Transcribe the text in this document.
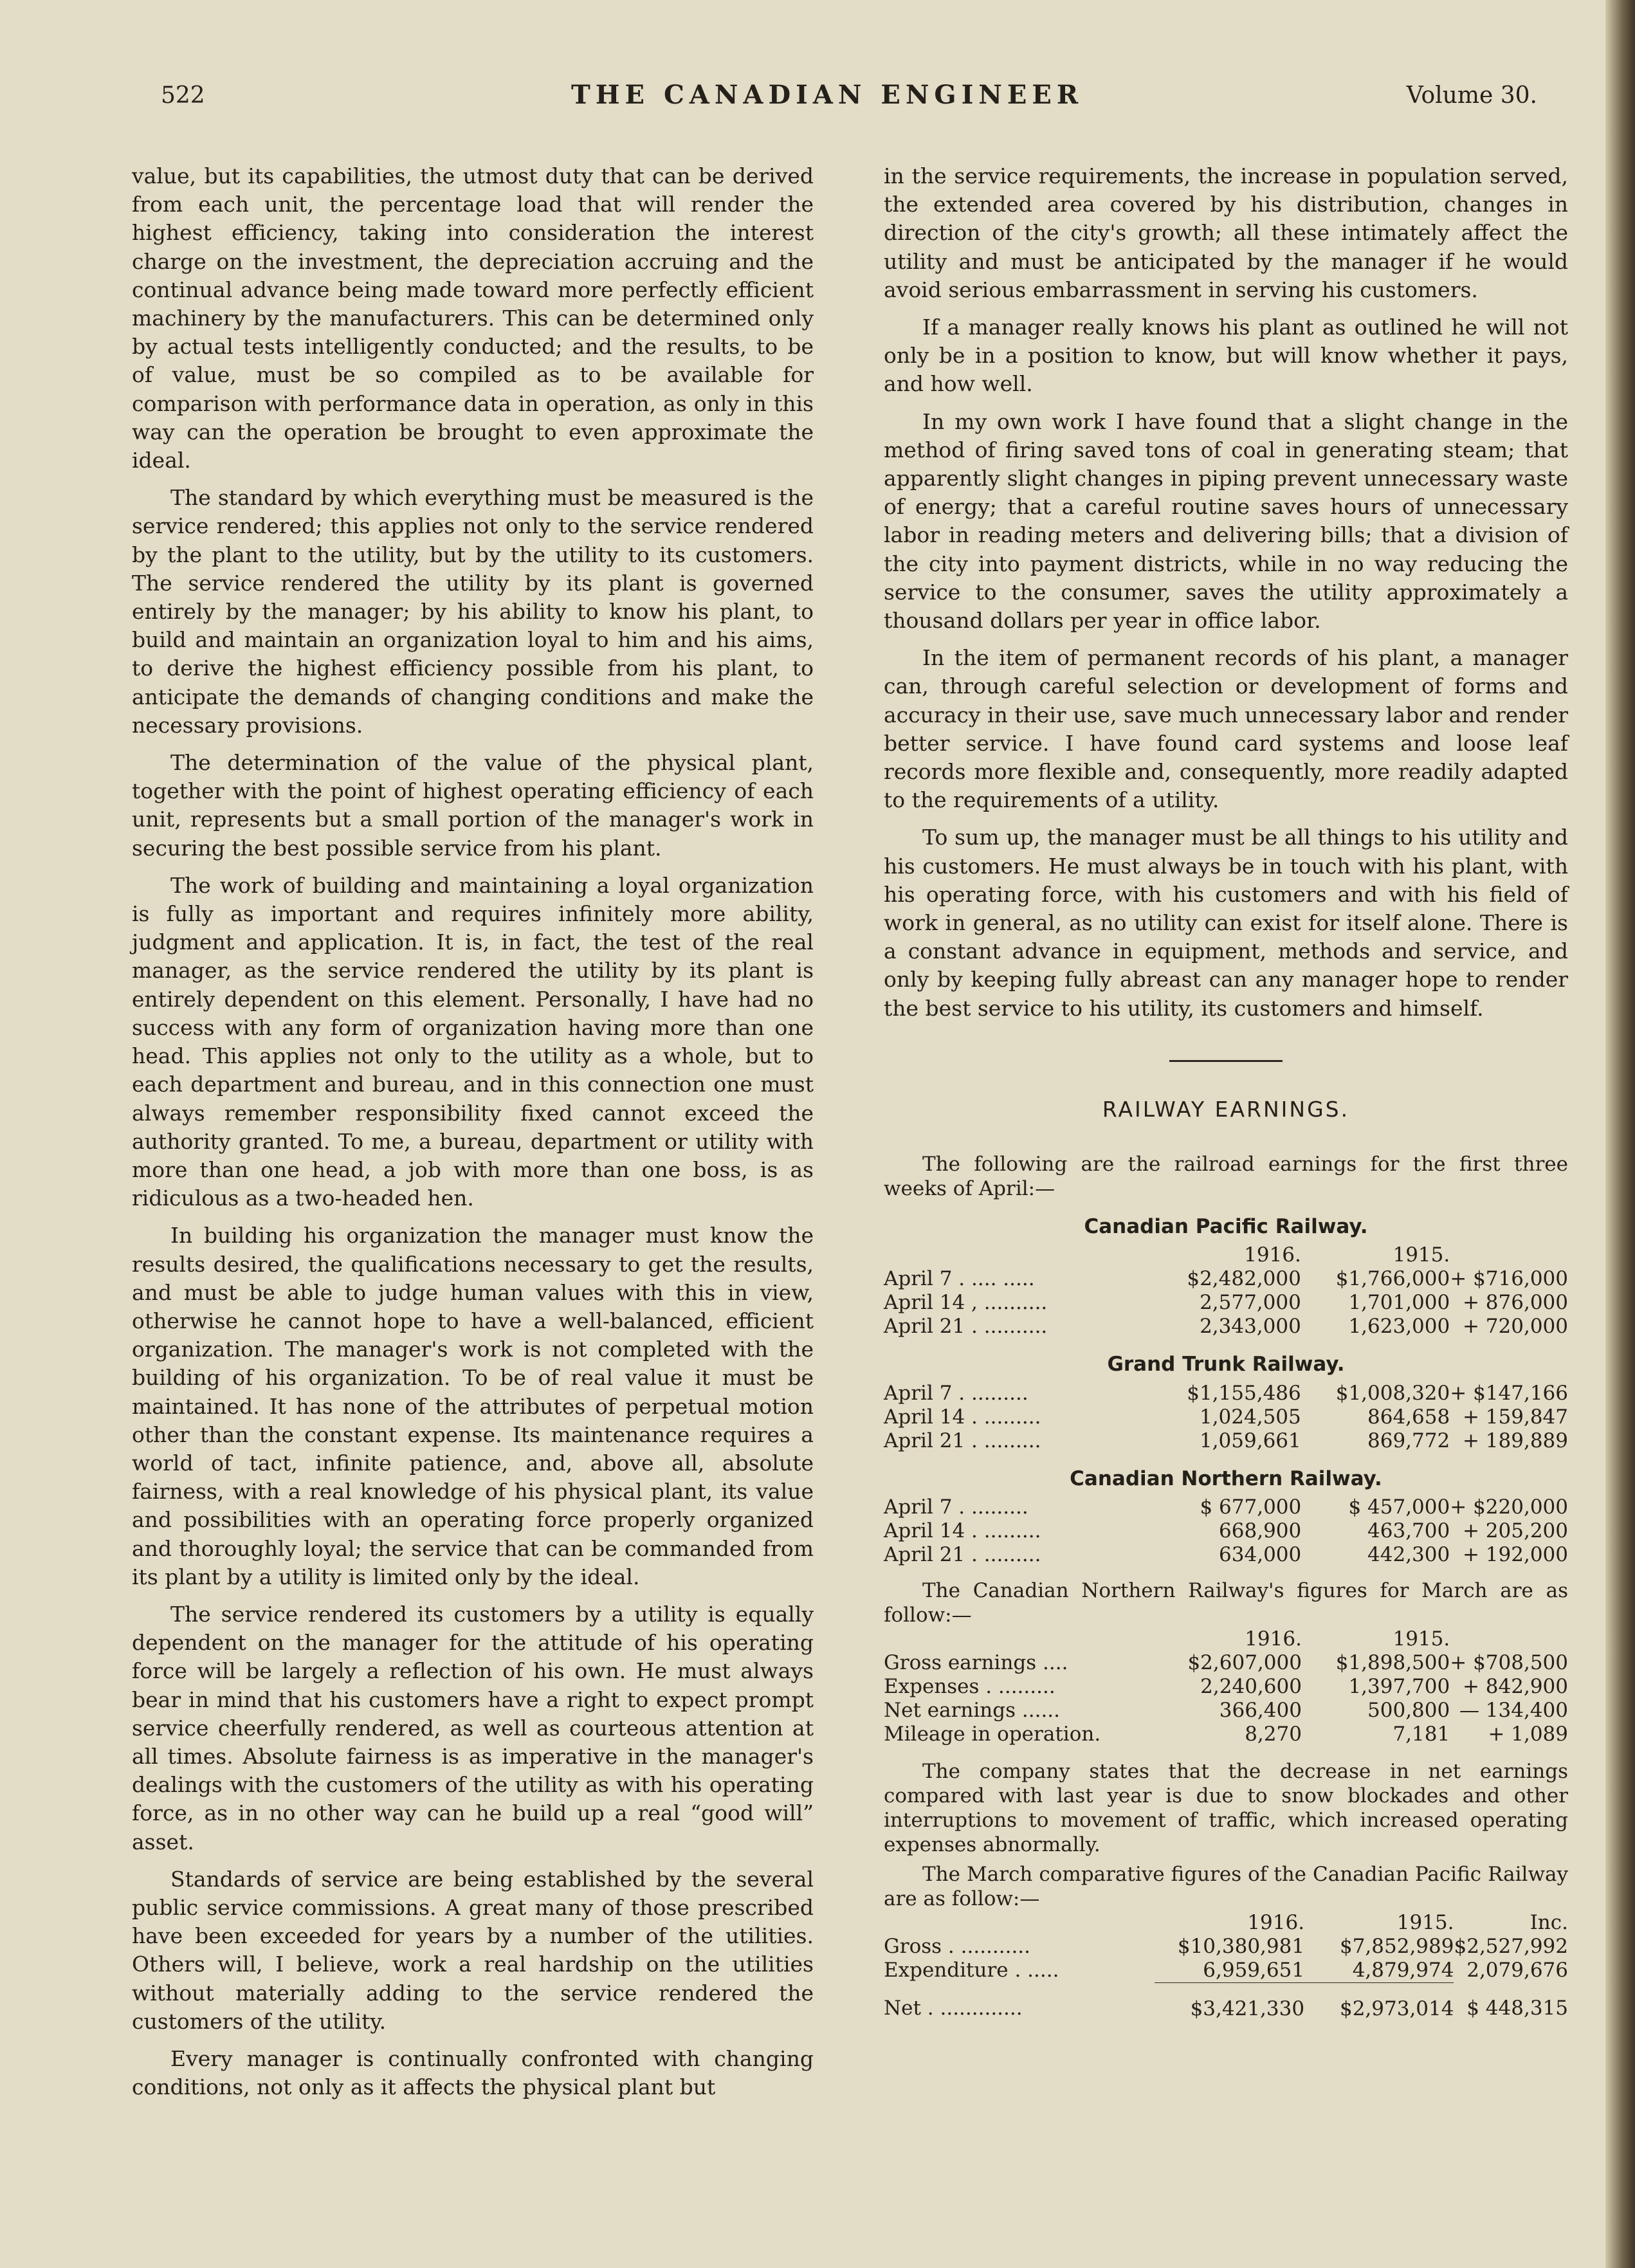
522	THE CANADIAN ENGINEER	Volume 30.

value, but its capabilities, the utmost duty that can be derived from each unit, the percentage load that will render the highest efficiency, taking into consideration the interest charge on the investment, the depreciation accruing and the continual advance being made toward more perfectly efficient machinery by the manufacturers. This can be determined only by actual tests intelligently conducted; and the results, to be of value, must be so compiled as to be available for comparison with performance data in operation, as only in this way can the operation be brought to even approximate the ideal.

The standard by which everything must be measured is the service rendered; this applies not only to the service rendered by the plant to the utility, but by the utility to its customers. The service rendered the utility by its plant is governed entirely by the manager; by his ability to know his plant, to build and maintain an organization loyal to him and his aims, to derive the highest efficiency possible from his plant, to anticipate the demands of changing conditions and make the necessary provisions.

The determination of the value of the physical plant, together with the point of highest operating efficiency of each unit, represents but a small portion of the manager's work in securing the best possible service from his plant.

The work of building and maintaining a loyal organization is fully as important and requires infinitely more ability, judgment and application. It is, in fact, the test of the real manager, as the service rendered the utility by its plant is entirely dependent on this element. Personally, I have had no success with any form of organization having more than one head. This applies not only to the utility as a whole, but to each department and bureau, and in this connection one must always remember responsibility fixed cannot exceed the authority granted. To me, a bureau, department or utility with more than one head, a job with more than one boss, is as ridiculous as a two-headed hen.

In building his organization the manager must know the results desired, the qualifications necessary to get the results, and must be able to judge human values with this in view, otherwise he cannot hope to have a well-balanced, efficient organization. The manager's work is not completed with the building of his organization. To be of real value it must be maintained. It has none of the attributes of perpetual motion other than the constant expense. Its maintenance requires a world of tact, infinite patience, and, above all, absolute fairness, with a real knowledge of his physical plant, its value and possibilities with an operating force properly organized and thoroughly loyal; the service that can be commanded from its plant by a utility is limited only by the ideal.

The service rendered its customers by a utility is equally dependent on the manager for the attitude of his operating force will be largely a reflection of his own. He must always bear in mind that his customers have a right to expect prompt service cheerfully rendered, as well as courteous attention at all times. Absolute fairness is as imperative in the manager's dealings with the customers of the utility as with his operating force, as in no other way can he build up a real “good will” asset.

Standards of service are being established by the several public service commissions. A great many of those prescribed have been exceeded for years by a number of the utilities. Others will, I believe, work a real hardship on the utilities without materially adding to the service rendered the customers of the utility.

Every manager is continually confronted with changing conditions, not only as it affects the physical plant but

in the service requirements, the increase in population served, the extended area covered by his distribution, changes in direction of the city's growth; all these intimately affect the utility and must be anticipated by the manager if he would avoid serious embarrassment in serving his customers.

If a manager really knows his plant as outlined he will not only be in a position to know, but will know whether it pays, and how well.

In my own work I have found that a slight change in the method of firing saved tons of coal in generating steam; that apparently slight changes in piping prevent unnecessary waste of energy; that a careful routine saves hours of unnecessary labor in reading meters and delivering bills; that a division of the city into payment districts, while in no way reducing the service to the consumer, saves the utility approximately a thousand dollars per year in office labor.

In the item of permanent records of his plant, a manager can, through careful selection or development of forms and accuracy in their use, save much unnecessary labor and render better service. I have found card systems and loose leaf records more flexible and, consequently, more readily adapted to the requirements of a utility.

To sum up, the manager must be all things to his utility and his customers. He must always be in touch with his plant, with his operating force, with his customers and with his field of work in general, as no utility can exist for itself alone. There is a constant advance in equipment, methods and service, and only by keeping fully abreast can any manager hope to render the best service to his utility, its customers and himself.

RAILWAY EARNINGS.

The following are the railroad earnings for the first three weeks of April:—

Canadian Pacific Railway.
	1916.	1915.	
April 7 . .... .....	$2,482,000	$1,766,000	+ $716,000
April 14 , ..........	2,577,000	1,701,000	+ 876,000
April 21 . ..........	2,343,000	1,623,000	+ 720,000
Grand Trunk Railway.
April 7 . .........	$1,155,486	$1,008,320	+ $147,166
April 14 . .........	1,024,505	864,658	+ 159,847
April 21 . .........	1,059,661	869,772	+ 189,889
Canadian Northern Railway.
April 7 . .........	$ 677,000	$ 457,000	+ $220,000
April 14 . .........	668,900	463,700	+ 205,200
April 21 . .........	634,000	442,300	+ 192,000

The Canadian Northern Railway's figures for March are as follow:—

	1916.	1915.	
Gross earnings ....	$2,607,000	$1,898,500	+ $708,500
Expenses . .........	2,240,600	1,397,700	+ 842,900
Net earnings ......	366,400	500,800	— 134,400
Mileage in operation.	8,270	7,181	+ 1,089

The company states that the decrease in net earnings compared with last year is due to snow blockades and other interruptions to movement of traffic, which increased operating expenses abnormally.

The March comparative figures of the Canadian Pacific Railway are as follow:—

	1916.	1915.	Inc.
Gross . ...........	$10,380,981	$7,852,989	$2,527,992
Expenditure . .....	6,959,651	4,879,974	2,079,676
Net . .............	$3,421,330	$2,973,014	$ 448,315
